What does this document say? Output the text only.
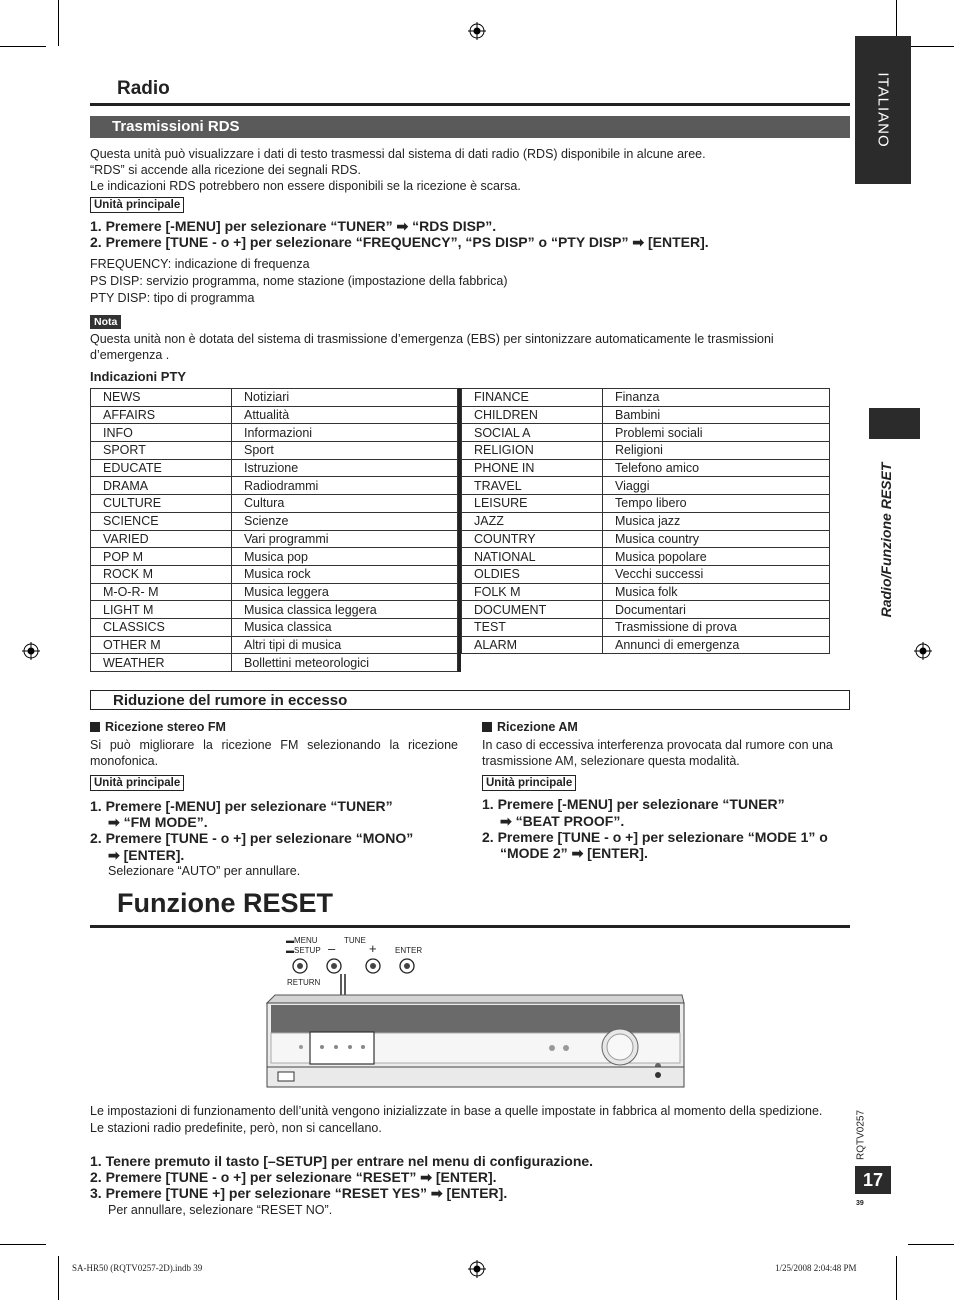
ITALIANO
Radio/Funzione RESET
RQTV0257
17
39
Radio
Trasmissioni RDS
Questa unità può visualizzare i dati di testo trasmessi dal sistema di dati radio (RDS) disponibile in alcune aree.
“RDS” si accende alla ricezione dei segnali RDS.
Le indicazioni RDS potrebbero non essere disponibili se la ricezione è scarsa.
Unità principale
1. Premere [-MENU] per selezionare “TUNER” ➡ “RDS DISP”.
2. Premere [TUNE - o +] per selezionare “FREQUENCY”, “PS DISP” o “PTY DISP” ➡ [ENTER].
FREQUENCY: indicazione di frequenza
PS DISP: servizio programma, nome stazione (impostazione della fabbrica)
PTY DISP: tipo di programma
Nota
Questa unità non è dotata del sistema di trasmissione d’emergenza (EBS) per sintonizzare automaticamente le trasmissioni
d’emergenza .
Indicazioni PTY
NEWS	Notiziari
AFFAIRS	Attualità
INFO	Informazioni
SPORT	Sport
EDUCATE	Istruzione
DRAMA	Radiodrammi
CULTURE	Cultura
SCIENCE	Scienze
VARIED	Vari programmi
POP M	Musica pop
ROCK M	Musica rock
M-O-R- M	Musica leggera
LIGHT M	Musica classica leggera
CLASSICS	Musica classica
OTHER M	Altri tipi di musica
WEATHER	Bollettini meteorologici
FINANCE	Finanza
CHILDREN	Bambini
SOCIAL A	Problemi sociali
RELIGION	Religioni
PHONE IN	Telefono amico
TRAVEL	Viaggi
LEISURE	Tempo libero
JAZZ	Musica jazz
COUNTRY	Musica country
NATIONAL	Musica popolare
OLDIES	Vecchi successi
FOLK M	Musica folk
DOCUMENT	Documentari
TEST	Trasmissione di prova
ALARM	Annunci di emergenza
Riduzione del rumore in eccesso
Ricezione stereo FM
Si può migliorare la ricezione FM selezionando la ricezione monofonica.
Unità principale
1. Premere [-MENU] per selezionare “TUNER”
➡ “FM MODE”.
2. Premere [TUNE - o +] per selezionare “MONO”
➡ [ENTER].
Selezionare “AUTO” per annullare.
Ricezione AM
In caso di eccessiva interferenza provocata dal rumore con una
trasmissione AM, selezionare questa modalità.
Unità principale
1. Premere [-MENU] per selezionare “TUNER”
➡ “BEAT PROOF”.
2. Premere [TUNE - o +] per selezionare “MODE 1” o
“MODE 2” ➡ [ENTER].
Funzione RESET
▬MENU
▬SETUP
TUNE
–	+ ENTER
RETURN
Le impostazioni di funzionamento dell’unità vengono inizializzate in base a quelle impostate in fabbrica al momento della spedizione.
Le stazioni radio predefinite, però, non si cancellano.
1. Tenere premuto il tasto [–SETUP] per entrare nel menu di configurazione.
2. Premere [TUNE - o +] per selezionare “RESET” ➡ [ENTER].
3. Premere [TUNE +] per selezionare “RESET YES” ➡ [ENTER].
Per annullare, selezionare “RESET NO”.
SA-HR50 (RQTV0257-2D).indb 39	1/25/2008 2:04:48 PM
